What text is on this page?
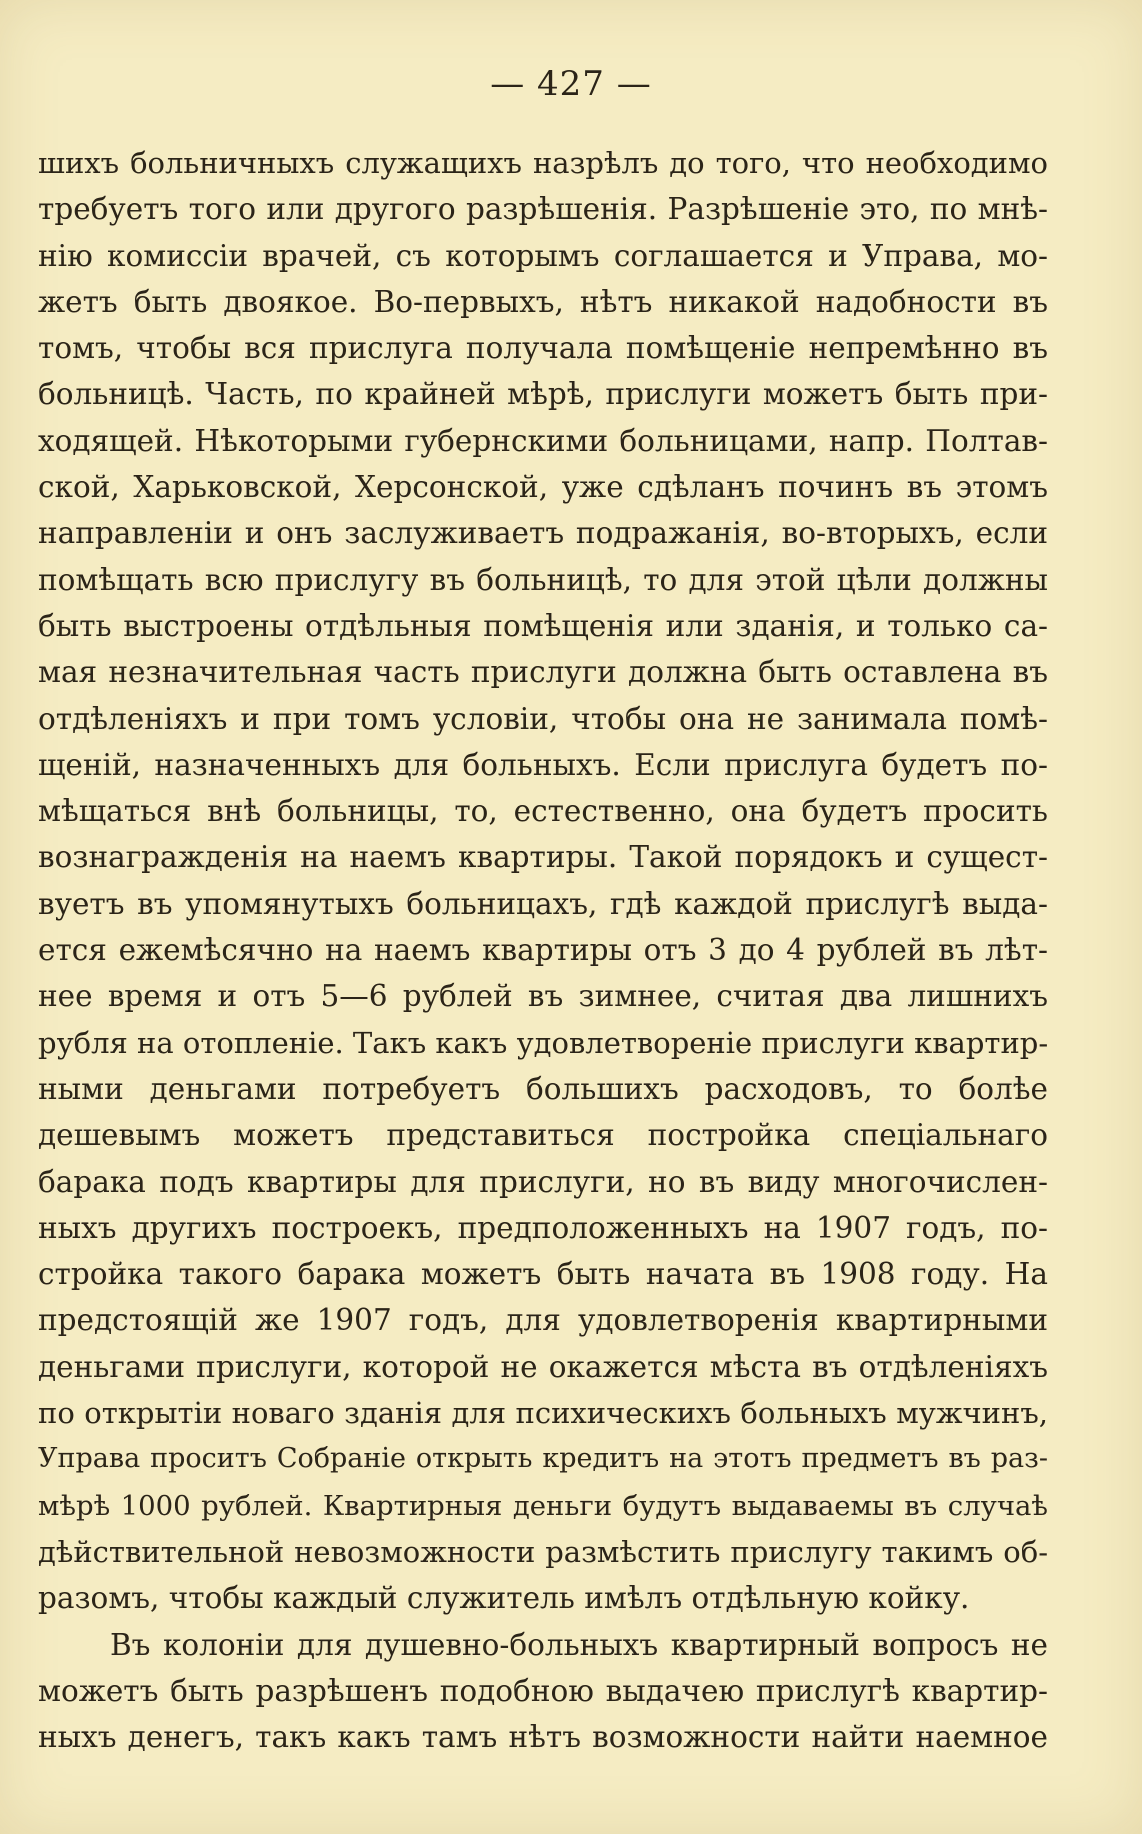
— 427 —
шихъ больничныхъ служащихъ назрѣлъ до того, что необходимо
требуетъ того или другого разрѣшенія. Разрѣшеніе это, по мнѣ-
нію комиссіи врачей, съ которымъ соглашается и Управа, мо-
жетъ быть двоякое. Во-первыхъ, нѣтъ никакой надобности въ
томъ, чтобы вся прислуга получала помѣщеніе непремѣнно въ
больницѣ. Часть, по крайней мѣрѣ, прислуги можетъ быть при-
ходящей. Нѣкоторыми губернскими больницами, напр. Полтав-
ской, Харьковской, Херсонской, уже сдѣланъ починъ въ этомъ
направленіи и онъ заслуживаетъ подражанія, во-вторыхъ, если
помѣщать всю прислугу въ больницѣ, то для этой цѣли должны
быть выстроены отдѣльныя помѣщенія или зданія, и только са-
мая незначительная часть прислуги должна быть оставлена въ
отдѣленіяхъ и при томъ условіи, чтобы она не занимала помѣ-
щеній, назначенныхъ для больныхъ. Если прислуга будетъ по-
мѣщаться внѣ больницы, то, естественно, она будетъ просить
вознагражденія на наемъ квартиры. Такой порядокъ и сущест-
вуетъ въ упомянутыхъ больницахъ, гдѣ каждой прислугѣ выда-
ется ежемѣсячно на наемъ квартиры отъ 3 до 4 рублей въ лѣт-
нее время и отъ 5—6 рублей въ зимнее, считая два лишнихъ
рубля на отопленіе. Такъ какъ удовлетвореніе прислуги квартир-
ными деньгами потребуетъ большихъ расходовъ, то болѣе
дешевымъ можетъ представиться постройка спеціальнаго
барака подъ квартиры для прислуги, но въ виду многочислен-
ныхъ другихъ построекъ, предположенныхъ на 1907 годъ, по-
стройка такого барака можетъ быть начата въ 1908 году. На
предстоящій же 1907 годъ, для удовлетворенія квартирными
деньгами прислуги, которой не окажется мѣста въ отдѣленіяхъ
по открытіи новаго зданія для психическихъ больныхъ мужчинъ,
Управа проситъ Собраніе открыть кредитъ на этотъ предметъ въ раз-
мѣрѣ 1000 рублей. Квартирныя деньги будутъ выдаваемы въ случаѣ
дѣйствительной невозможности размѣстить прислугу такимъ об-
разомъ, чтобы каждый служитель имѣлъ отдѣльную койку.
Въ колоніи для душевно-больныхъ квартирный вопросъ не
можетъ быть разрѣшенъ подобною выдачею прислугѣ квартир-
ныхъ денегъ, такъ какъ тамъ нѣтъ возможности найти наемное
